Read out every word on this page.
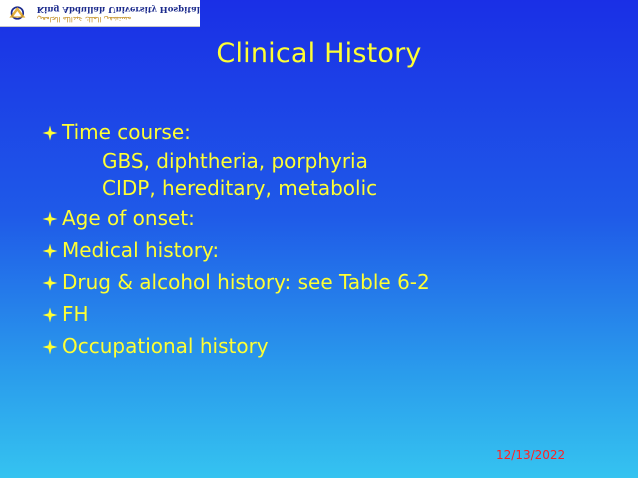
King Abdullah University Hospital
مستشفى الملك عبدالله الجامعي
Clinical History
Time course:
GBS, diphtheria, porphyria
CIDP, hereditary, metabolic
Age of onset:
Medical history:
Drug & alcohol history: see Table 6-2
FH
Occupational history
12/13/2022
